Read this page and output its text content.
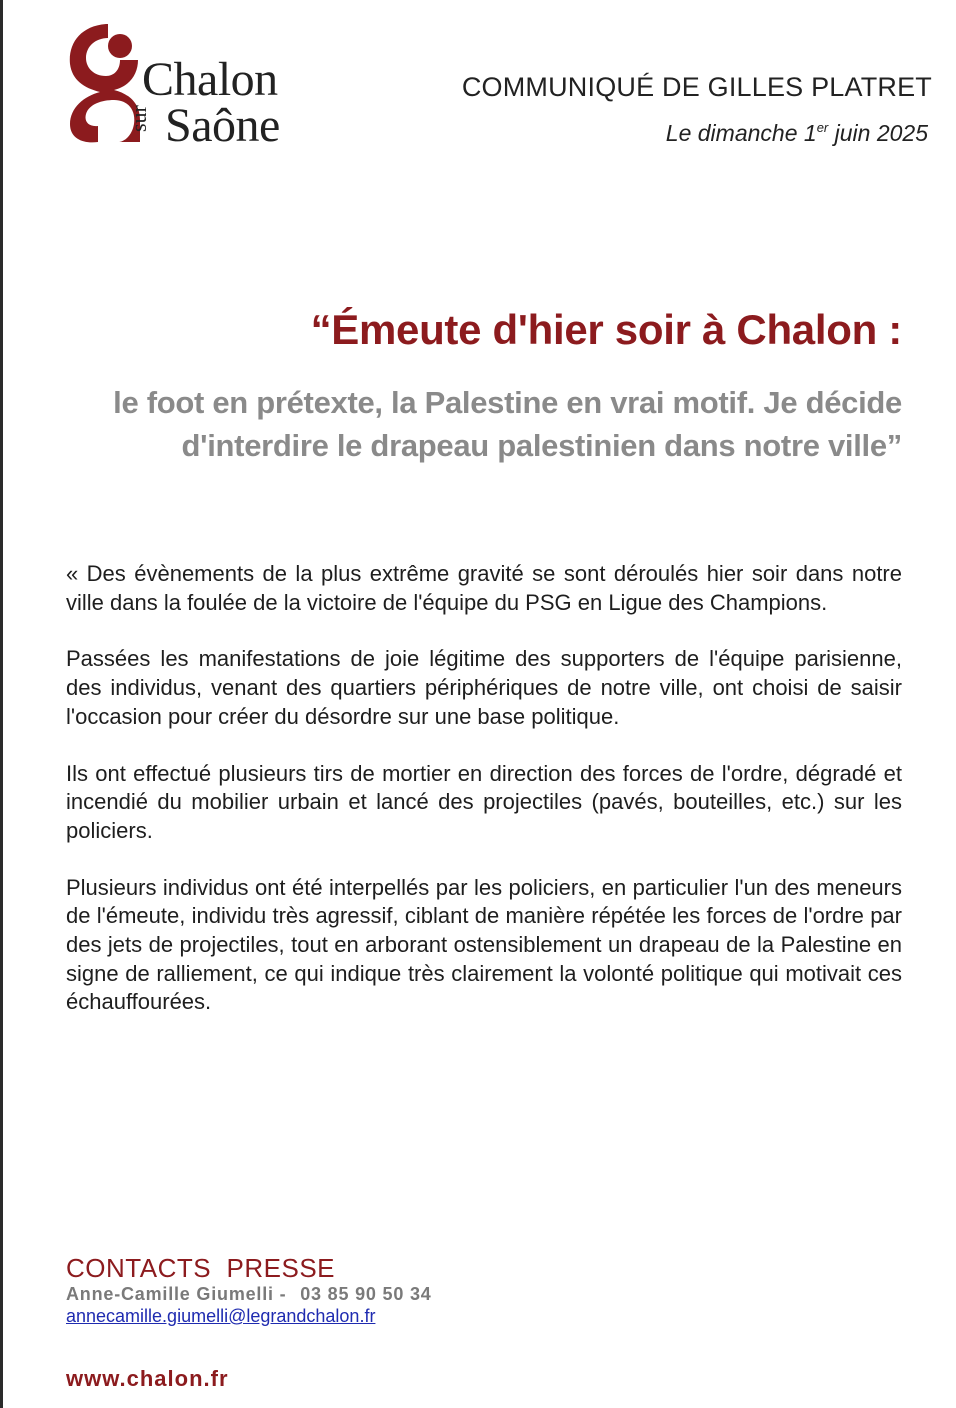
Chalon
sur Saône
COMMUNIQUÉ DE GILLES PLATRET
Le dimanche 1er juin 2025
“Émeute d'hier soir à Chalon :
le foot en prétexte, la Palestine en vrai motif. Je décide d'interdire le drapeau palestinien dans notre ville”

« Des évènements de la plus extrême gravité se sont déroulés hier soir dans notre ville dans la foulée de la victoire de l'équipe du PSG en Ligue des Champions.

Passées les manifestations de joie légitime des supporters de l'équipe parisienne, des individus, venant des quartiers périphériques de notre ville, ont choisi de saisir l'occasion pour créer du désordre sur une base politique.

Ils ont effectué plusieurs tirs de mortier en direction des forces de l'ordre, dégradé et incendié du mobilier urbain et lancé des projectiles (pavés, bouteilles, etc.) sur les policiers.

Plusieurs individus ont été interpellés par les policiers, en particulier l'un des meneurs de l'émeute, individu très agressif, ciblant de manière répétée les forces de l'ordre par des jets de projectiles, tout en arborant ostensiblement un drapeau de la Palestine en signe de ralliement, ce qui indique très clairement la volonté politique qui motivait ces échauffourées.

CONTACTS  PRESSE
Anne-Camille Giumelli - 03 85 90 50 34
annecamille.giumelli@legrandchalon.fr
www.chalon.fr
